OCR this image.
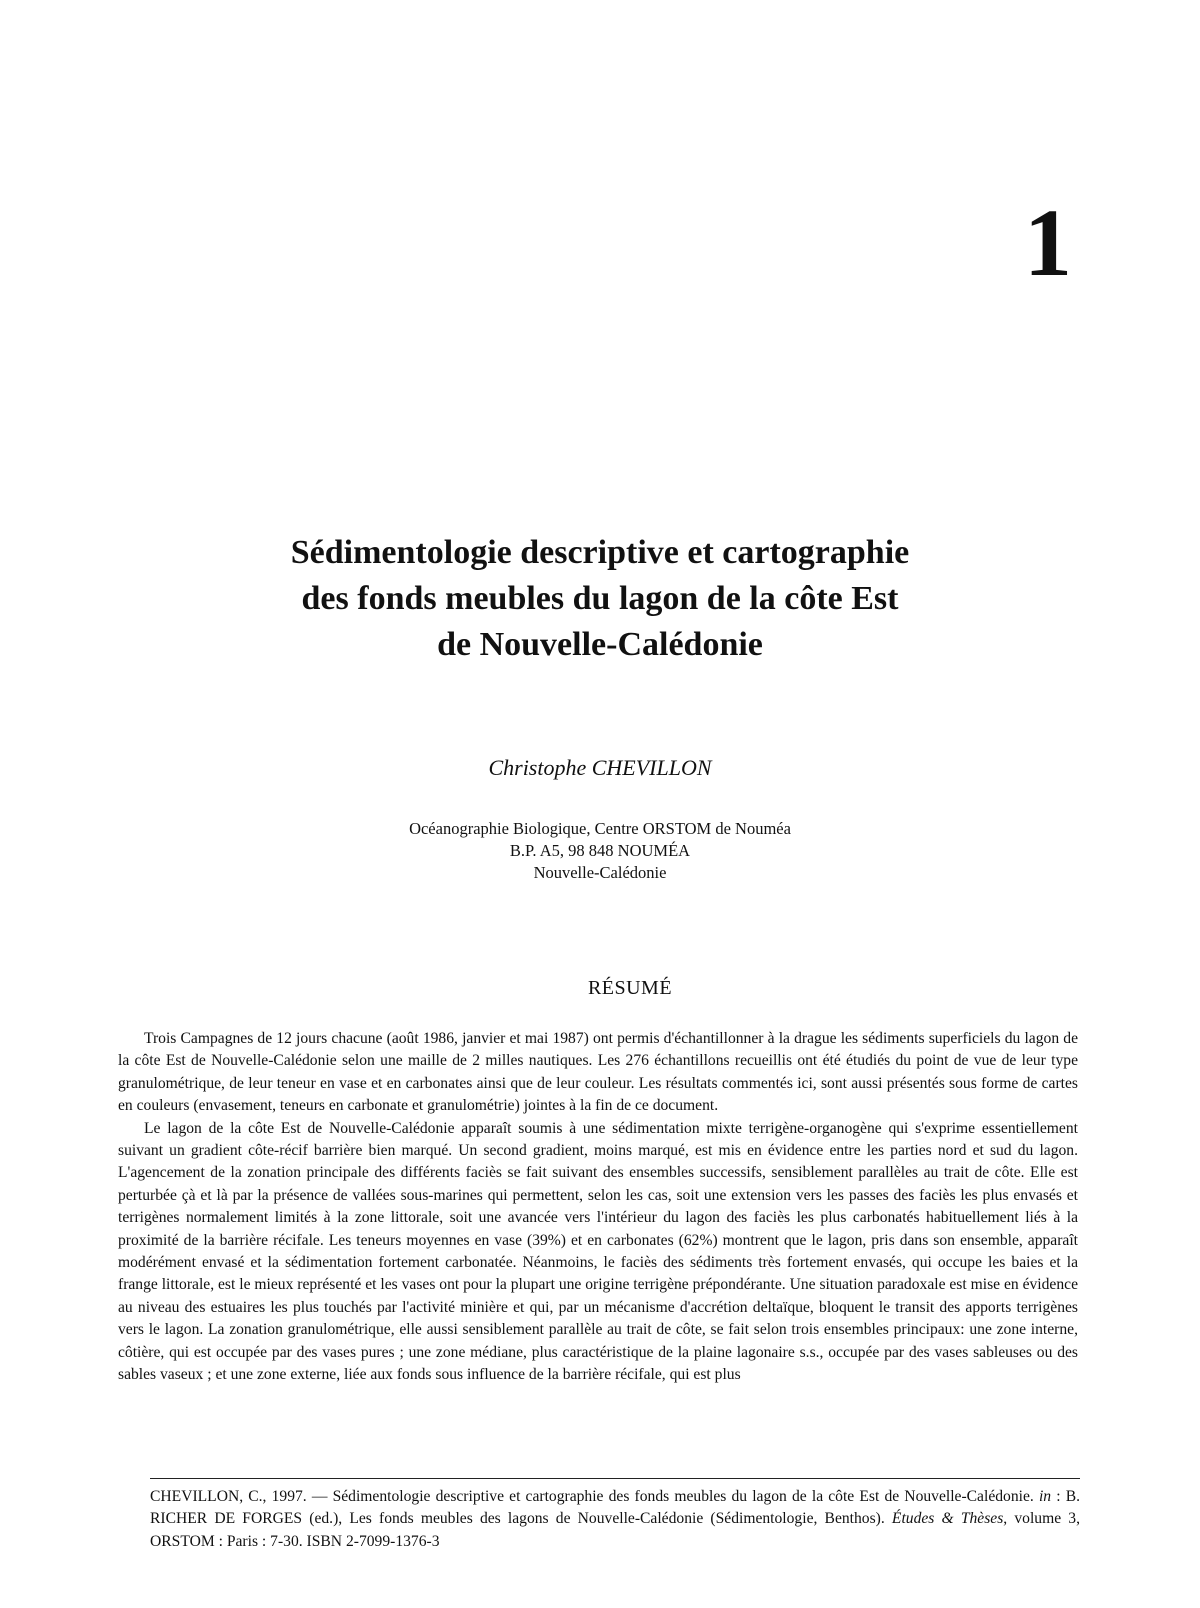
1
Sédimentologie descriptive et cartographie
des fonds meubles du lagon de la côte Est
de Nouvelle-Calédonie
Christophe CHEVILLON
Océanographie Biologique, Centre ORSTOM de Nouméa
B.P. A5, 98 848 NOUMÉA
Nouvelle-Calédonie
RÉSUMÉ

Trois Campagnes de 12 jours chacune (août 1986, janvier et mai 1987) ont permis d'échantillonner à la drague les sédiments superficiels du lagon de la côte Est de Nouvelle-Calédonie selon une maille de 2 milles nautiques. Les 276 échantillons recueillis ont été étudiés du point de vue de leur type granulométrique, de leur teneur en vase et en carbonates ainsi que de leur couleur. Les résultats commentés ici, sont aussi présentés sous forme de cartes en couleurs (envasement, teneurs en carbonate et granulométrie) jointes à la fin de ce document.

Le lagon de la côte Est de Nouvelle-Calédonie apparaît soumis à une sédimentation mixte terrigène-organogène qui s'exprime essentiellement suivant un gradient côte-récif barrière bien marqué. Un second gradient, moins marqué, est mis en évidence entre les parties nord et sud du lagon. L'agencement de la zonation principale des différents faciès se fait suivant des ensembles successifs, sensiblement parallèles au trait de côte. Elle est perturbée çà et là par la présence de vallées sous-marines qui permettent, selon les cas, soit une extension vers les passes des faciès les plus envasés et terrigènes normalement limités à la zone littorale, soit une avancée vers l'intérieur du lagon des faciès les plus carbonatés habituellement liés à la proximité de la barrière récifale. Les teneurs moyennes en vase (39%) et en carbonates (62%) montrent que le lagon, pris dans son ensemble, apparaît modérément envasé et la sédimentation fortement carbonatée. Néanmoins, le faciès des sédiments très fortement envasés, qui occupe les baies et la frange littorale, est le mieux représenté et les vases ont pour la plupart une origine terrigène prépondérante. Une situation paradoxale est mise en évidence au niveau des estuaires les plus touchés par l'activité minière et qui, par un mécanisme d'accrétion deltaïque, bloquent le transit des apports terrigènes vers le lagon. La zonation granulométrique, elle aussi sensiblement parallèle au trait de côte, se fait selon trois ensembles principaux: une zone interne, côtière, qui est occupée par des vases pures ; une zone médiane, plus caractéristique de la plaine lagonaire s.s., occupée par des vases sableuses ou des sables vaseux ; et une zone externe, liée aux fonds sous influence de la barrière récifale, qui est plus

CHEVILLON, C., 1997. — Sédimentologie descriptive et cartographie des fonds meubles du lagon de la côte Est de Nouvelle-Calédonie. in : B. RICHER DE FORGES (ed.), Les fonds meubles des lagons de Nouvelle-Calédonie (Sédimentologie, Benthos). Études & Thèses, volume 3, ORSTOM : Paris : 7-30. ISBN 2-7099-1376-3
